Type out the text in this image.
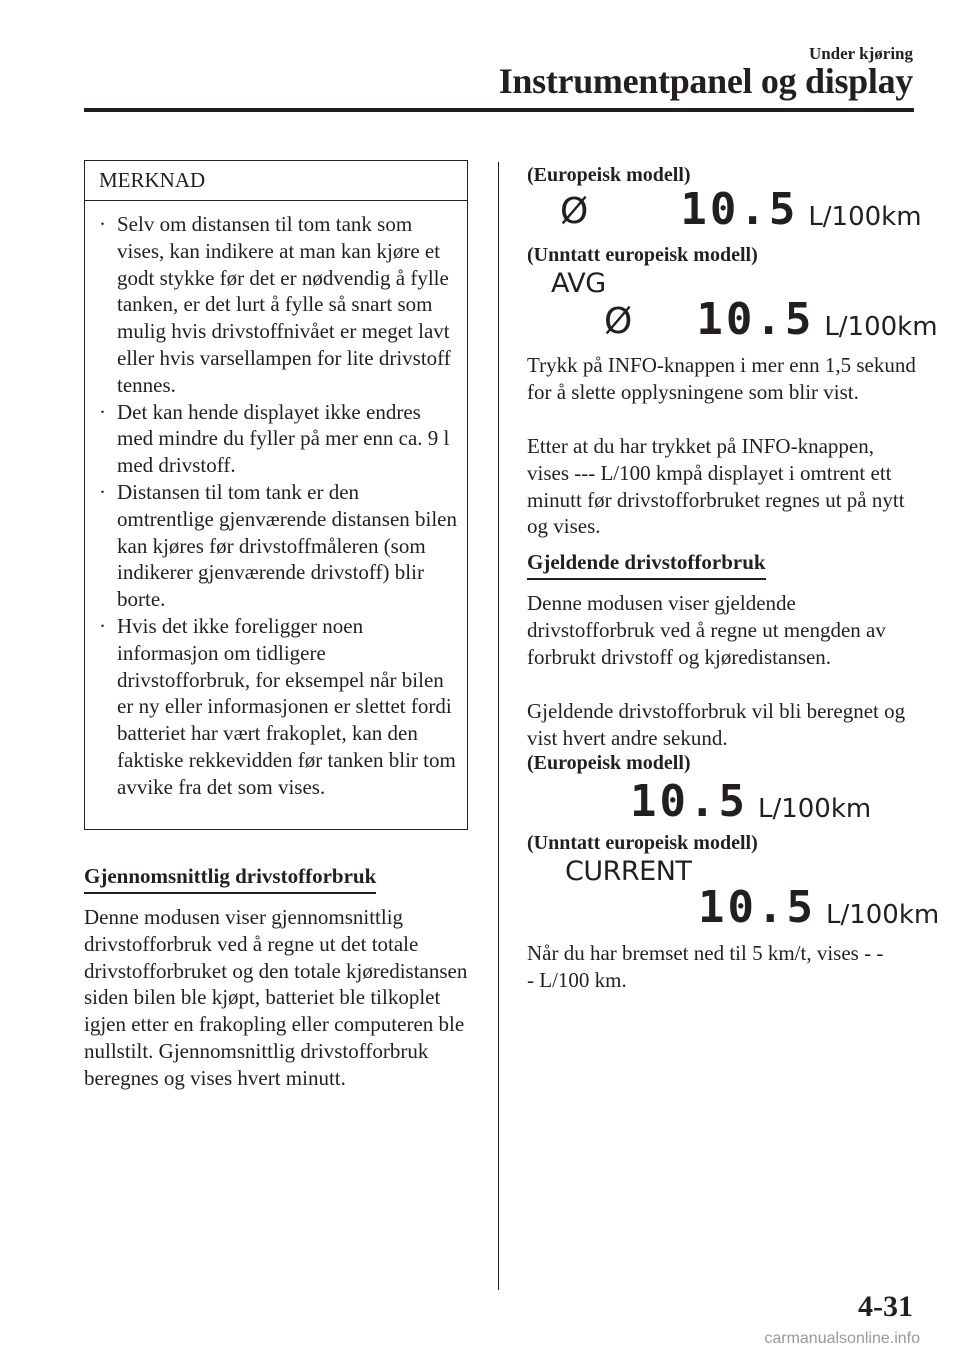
Under kjøring
Instrumentpanel og display
MERKNAD
· Selv om distansen til tom tank som vises, kan indikere at man kan kjøre et godt stykke før det er nødvendig å fylle tanken, er det lurt å fylle så snart som mulig hvis drivstoffnivået er meget lavt eller hvis varsellampen for lite drivstoff tennes.
· Det kan hende displayet ikke endres med mindre du fyller på mer enn ca. 9 l med drivstoff.
· Distansen til tom tank er den omtrentlige gjenværende distansen bilen kan kjøres før drivstoffmåleren (som indikerer gjenværende drivstoff) blir borte.
· Hvis det ikke foreligger noen informasjon om tidligere drivstofforbruk, for eksempel når bilen er ny eller informasjonen er slettet fordi batteriet har vært frakoplet, kan den faktiske rekkevidden før tanken blir tom avvike fra det som vises.
Gjennomsnittlig drivstofforbruk

Denne modusen viser gjennomsnittlig drivstofforbruk ved å regne ut det totale drivstofforbruket og den totale kjøredistansen siden bilen ble kjøpt, batteriet ble tilkoplet igjen etter en frakopling eller computeren ble nullstilt. Gjennomsnittlig drivstofforbruk beregnes og vises hvert minutt.

(Europeisk modell)
Ø 10.5 L/100km
(Unntatt europeisk modell)
AVG
Ø 10.5 L/100km

Trykk på INFO-knappen i mer enn 1,5 sekund for å slette opplysningene som blir vist.

Etter at du har trykket på INFO-knappen, vises --- L/100 kmpå displayet i omtrent ett minutt før drivstofforbruket regnes ut på nytt og vises.

Gjeldende drivstofforbruk

Denne modusen viser gjeldende drivstofforbruk ved å regne ut mengden av forbrukt drivstoff og kjøredistansen.

Gjeldende drivstofforbruk vil bli beregnet og vist hvert andre sekund.

(Europeisk modell)
10.5 L/100km
(Unntatt europeisk modell)
CURRENT
10.5 L/100km

Når du har bremset ned til 5 km/t, vises - - - L/100 km.

4-31
carmanualsonline.info
